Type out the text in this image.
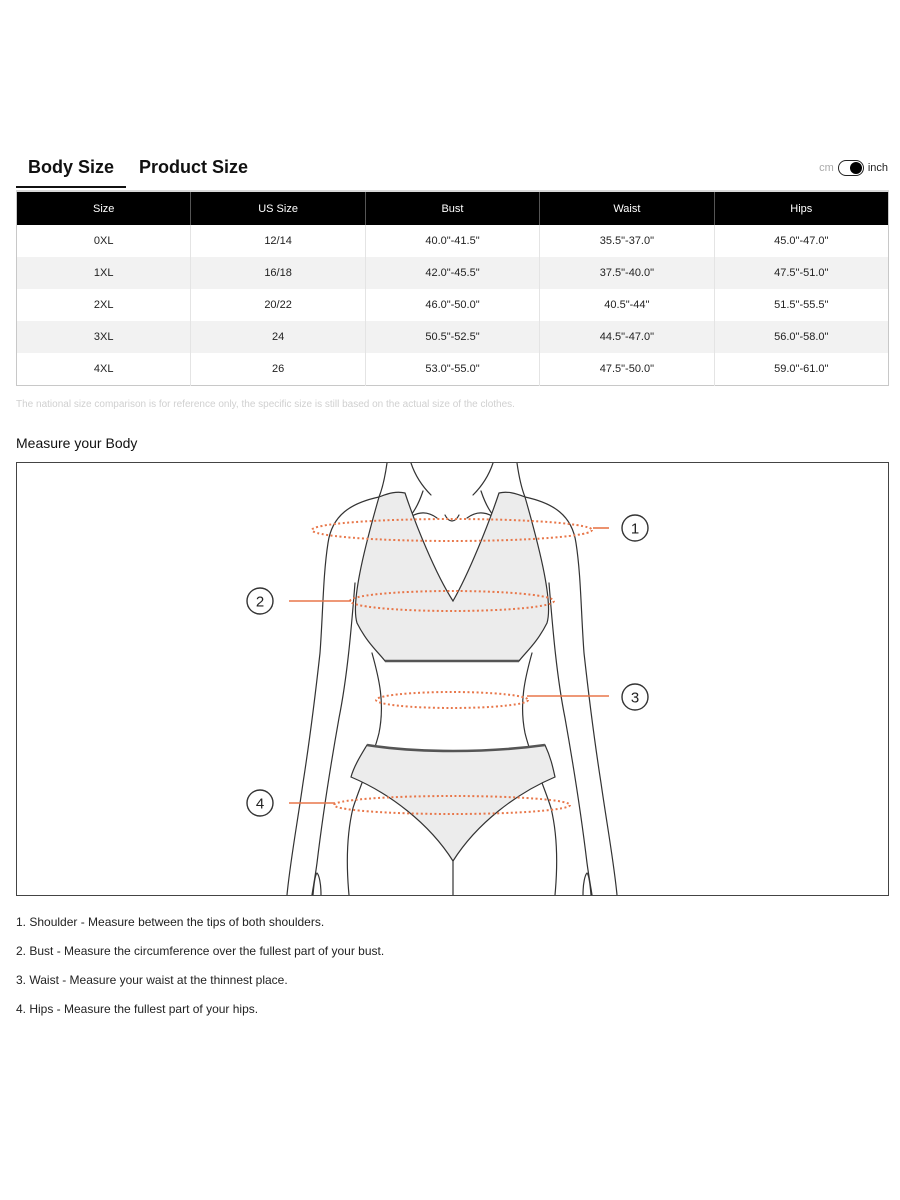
Body Size	Product Size	cm	inch
Size	US Size	Bust	Waist	Hips
0XL	12/14	40.0"-41.5"	35.5"-37.0"	45.0"-47.0"
1XL	16/18	42.0"-45.5"	37.5"-40.0"	47.5"-51.0"
2XL	20/22	46.0"-50.0"	40.5"-44"	51.5"-55.5"
3XL	24	50.5"-52.5"	44.5"-47.0"	56.0"-58.0"
4XL	26	53.0"-55.0"	47.5"-50.0"	59.0"-61.0"
The national size comparison is for reference only, the specific size is still based on the actual size of the clothes.
Measure your Body
1
2
3
4
1. Shoulder - Measure between the tips of both shoulders.
2. Bust - Measure the circumference over the fullest part of your bust.
3. Waist - Measure your waist at the thinnest place.
4. Hips - Measure the fullest part of your hips.
